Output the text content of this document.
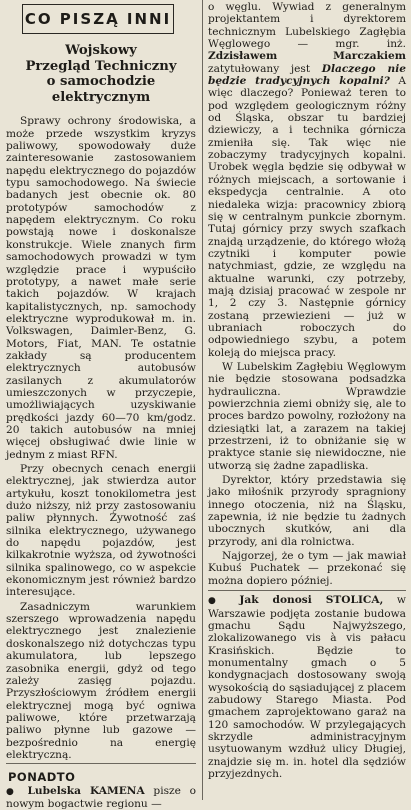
CO PISZĄ INNI
Wojskowy
Przegląd Techniczny
o samochodzie elektrycznym

Sprawy ochrony środowiska, a może przede wszystkim kryzys paliwowy, spowodowały duże zainteresowanie zastosowaniem napędu elektrycznego do pojazdów typu samochodowego. Na świecie badanych jest obecnie ok. 80 prototypów samochodów z napędem elektrycznym. Co roku powstają nowe i doskonalsze konstrukcje. Wiele znanych firm samochodowych prowadzi w tym względzie prace i wypuściło prototypy, a nawet małe serie takich pojazdów. W krajach kapitalistycznych, np. samochody elektryczne wyprodukował m. in. Volkswagen, Daimler-Benz, G. Motors, Fiat, MAN. Te ostatnie zakłady są producentem elektrycznych autobusów zasilanych z akumulatorów umieszczonych w przyczepie, umożliwiających uzyskiwanie prędkości jazdy 60—70 km/godz. 20 takich autobusów na mniej więcej obsługiwać dwie linie w jednym z miast RFN.

Przy obecnych cenach energii elektrycznej, jak stwierdza autor artykułu, koszt tonokilometra jest dużo niższy, niż przy zastosowaniu paliw płynnych. Żywotność zaś silnika elektrycznego, używanego do napędu pojazdów, jest kilkakrotnie wyższa, od żywotności silnika spalinowego, co w aspekcie ekonomicznym jest również bardzo interesujące.

Zasadniczym warunkiem szerszego wprowadzenia napędu elektrycznego jest znalezienie doskonalszego niż dotychczas typu akumulatora, lub lepszego zasobnika energii, gdyż od tego zależy zasięg pojazdu. Przyszłościowym źródłem energii elektrycznej mogą być ogniwa paliwowe, które przetwarzają paliwo płynne lub gazowe — bezpośrednio na energię elektryczną.

PONADTO

● Lubelska KAMENA pisze o nowym bogactwie regionu —

o węglu. Wywiad z generalnym projektantem i dyrektorem technicznym Lubelskiego Zagłębia Węglowego — mgr. inż. Zdzisławem Marczakiem zatytułowany jest Dlaczego nie będzie tradycyjnych kopalni? A więc dlaczego? Ponieważ teren to pod względem geologicznym różny od Śląska, obszar tu bardziej dziewiczy, a i technika górnicza zmieniła się. Tak więc nie zobaczymy tradycyjnych kopalni. Urobek węgla będzie się odbywał w różnych miejscach, a sortowanie i ekspedycja centralnie. A oto niedaleka wizja: pracownicy zbiorą się w centralnym punkcie zbornym. Tutaj górnicy przy swych szafkach znajdą urządzenie, do którego włożą czytniki i komputer powie natychmiast, gdzie, ze względu na aktualne warunki, czy potrzeby, mają dzisiaj pracować w zespole nr 1, 2 czy 3. Następnie górnicy zostaną przewiezieni — już w ubraniach roboczych do odpowiedniego szybu, a potem koleją do miejsca pracy.

W Lubelskim Zagłębiu Węglowym nie będzie stosowana podsadzka hydrauliczna. Wprawdzie powierzchnia ziemi obniży się, ale to proces bardzo powolny, rozłożony na dziesiątki lat, a zarazem na takiej przestrzeni, iż to obniżanie się w praktyce stanie się niewidoczne, nie utworzą się żadne zapadliska.

Dyrektor, który przedstawia się jako miłośnik przyrody spragniony innego otoczenia, niż na Śląsku, zapewnia, iż nie będzie tu żadnych ubocznych skutków, ani dla przyrody, ani dla rolnictwa.

Najgorzej, że o tym — jak mawiał Kubuś Puchatek — przekonać się można dopiero później.

● Jak donosi STOLICA, w Warszawie podjęta zostanie budowa gmachu Sądu Najwyższego, zlokalizowanego vis à vis pałacu Krasińskich. Będzie to monumentalny gmach o 5 kondygnacjach dostosowany swoją wysokością do sąsiadującej z placem zabudowy Starego Miasta. Pod gmachem zaprojektowano garaż na 120 samochodów. W przylegających skrzydle administracyjnym usytuowanym wzdłuż ulicy Długiej, znajdzie się m. in. hotel dla sędziów przyjezdnych.
